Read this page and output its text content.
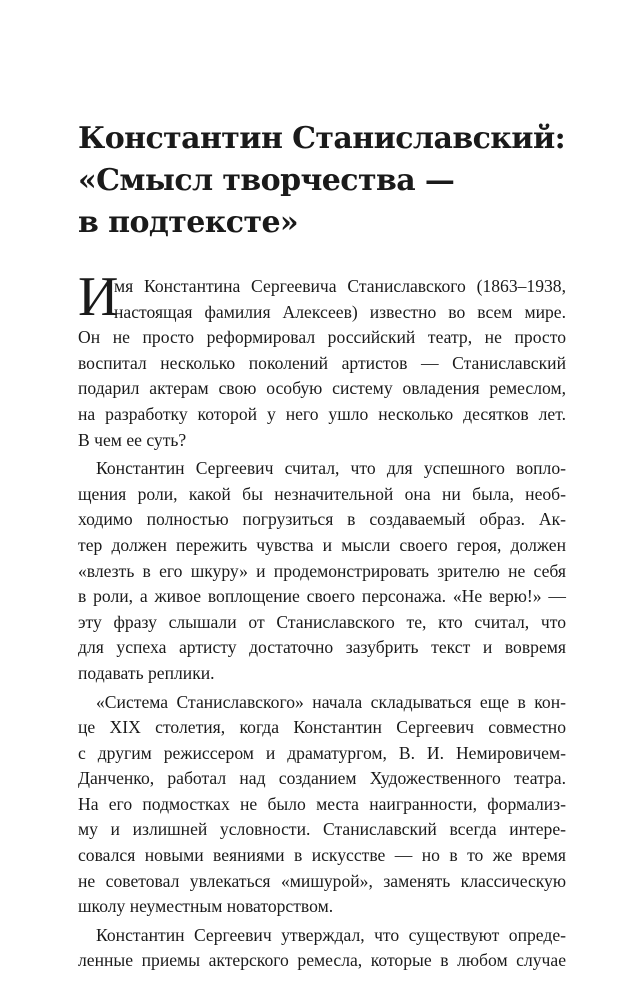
Константин Станиславский:
«Смысл творчества —
в подтексте»

И
мя Константина Сергеевича Станиславского (1863–1938,
настоящая фамилия Алексеев) известно во всем мире.
Он не просто реформировал российский театр, не просто
воспитал несколько поколений артистов — Станиславский
подарил актерам свою особую систему овладения ремеслом,
на разработку которой у него ушло несколько десятков лет.
В чем ее суть?

Константин Сергеевич считал, что для успешного вопло-
щения роли, какой бы незначительной она ни была, необ-
ходимо полностью погрузиться в создаваемый образ. Ак-
тер должен пережить чувства и мысли своего героя, должен
«влезть в его шкуру» и продемонстрировать зрителю не себя
в роли, а живое воплощение своего персонажа. «Не верю!» —
эту фразу слышали от Станиславского те, кто считал, что
для успеха артисту достаточно зазубрить текст и вовремя
подавать реплики.

«Система Станиславского» начала складываться еще в кон-
це XIX столетия, когда Константин Сергеевич совместно
с другим режиссером и драматургом, В. И. Немировичем-
Данченко, работал над созданием Художественного театра.
На его подмостках не было места наигранности, формализ-
му и излишней условности. Станиславский всегда интере-
совался новыми веяниями в искусстве — но в то же время
не советовал увлекаться «мишурой», заменять классическую
школу неуместным новаторством.

Константин Сергеевич утверждал, что существуют опреде-
ленные приемы актерского ремесла, которые в любом случае
